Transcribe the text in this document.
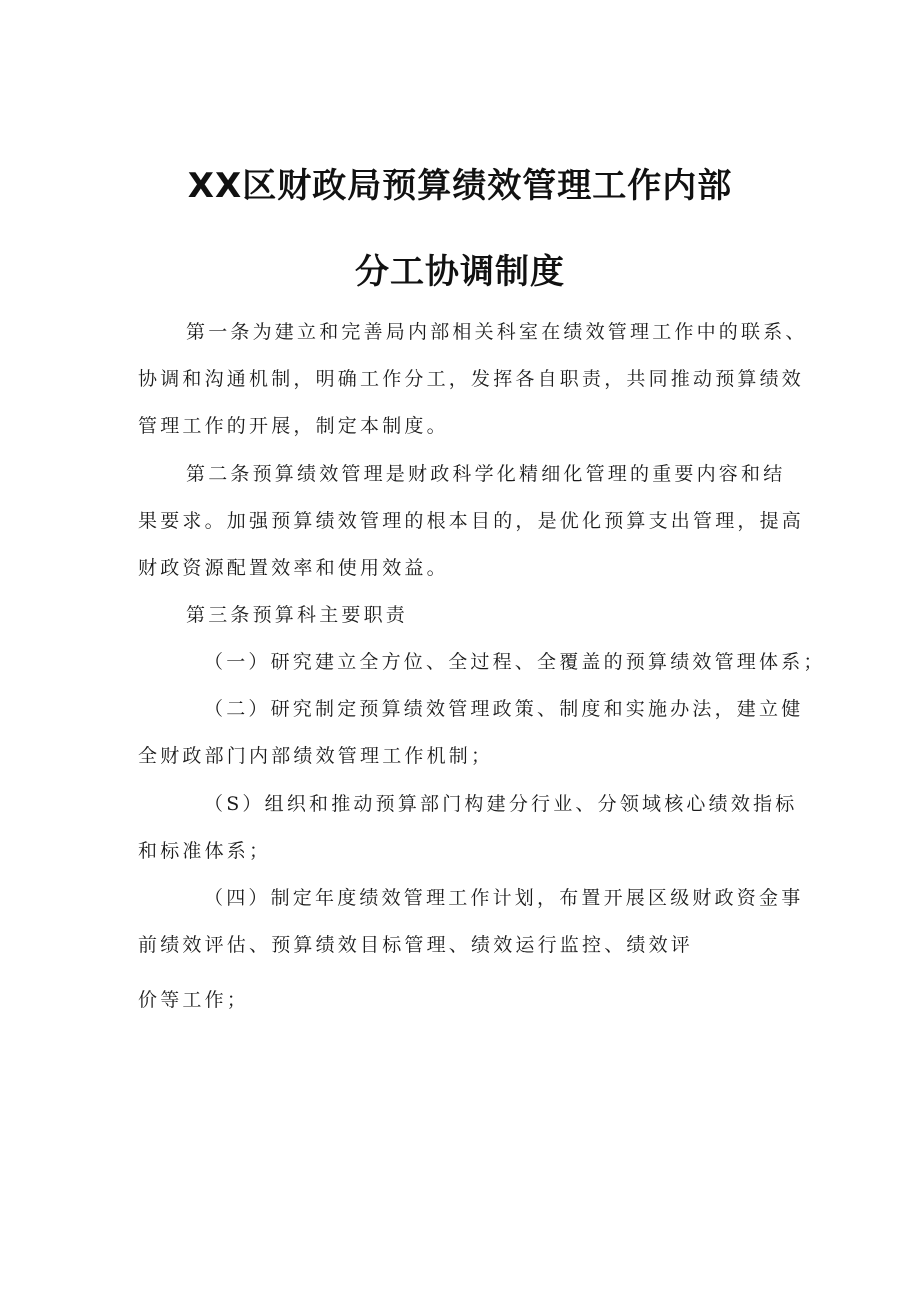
XX区财政局预算绩效管理工作内部
分工协调制度
第一条为建立和完善局内部相关科室在绩效管理工作中的联系、
协调和沟通机制，明确工作分工，发挥各自职责，共同推动预算绩效
管理工作的开展，制定本制度。
第二条预算绩效管理是财政科学化精细化管理的重要内容和结
果要求。加强预算绩效管理的根本目的，是优化预算支出管理，提高
财政资源配置效率和使用效益。
第三条预算科主要职责
（一）研究建立全方位、全过程、全覆盖的预算绩效管理体系；
（二）研究制定预算绩效管理政策、制度和实施办法，建立健
全财政部门内部绩效管理工作机制；
（S）组织和推动预算部门构建分行业、分领域核心绩效指标
和标准体系；
（四）制定年度绩效管理工作计划，布置开展区级财政资金事
前绩效评估、预算绩效目标管理、绩效运行监控、绩效评
价等工作；
